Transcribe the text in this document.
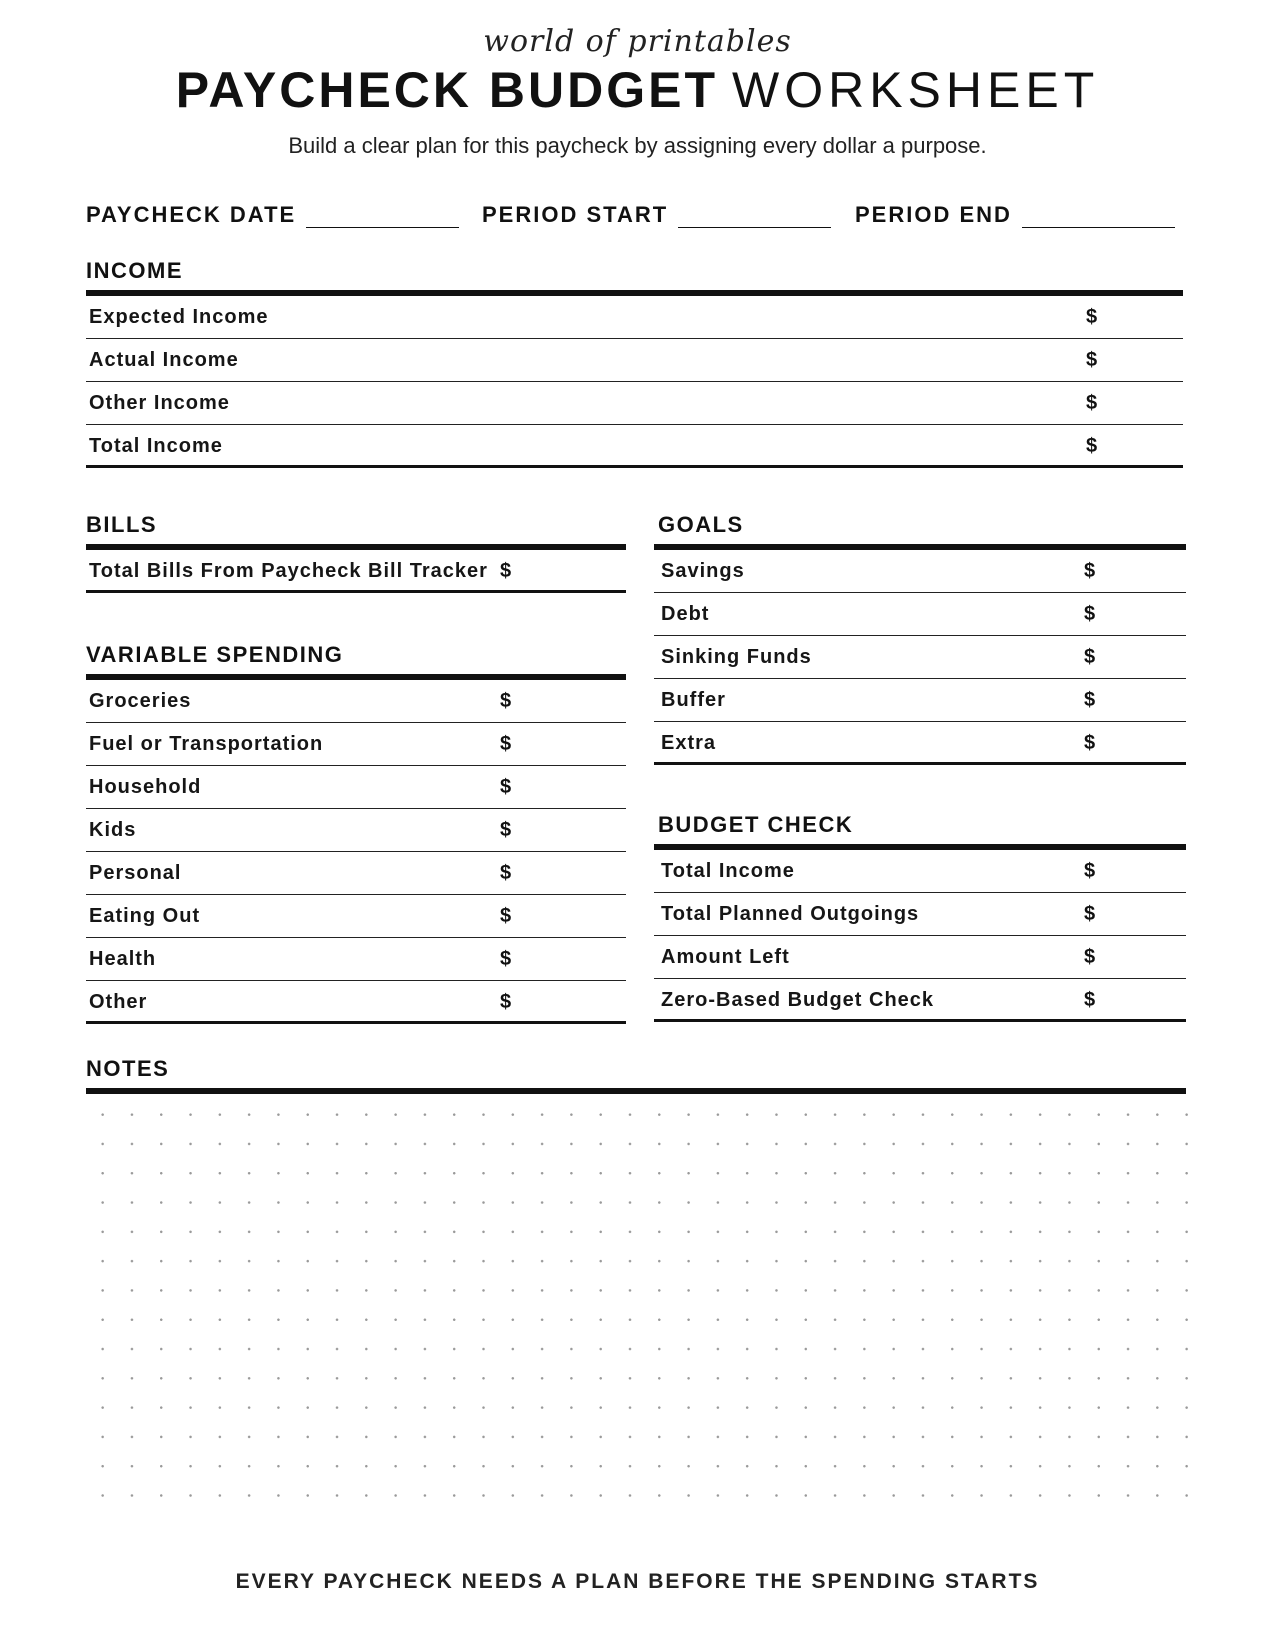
world of printables
PAYCHECK BUDGET WORKSHEET
Build a clear plan for this paycheck by assigning every dollar a purpose.
PAYCHECK DATE	PERIOD START	PERIOD END
INCOME
Expected Income	$
Actual Income	$
Other Income	$
Total Income	$
BILLS
Total Bills From Paycheck Bill Tracker $
VARIABLE SPENDING
Groceries	$
Fuel or Transportation	$
Household	$
Kids	$
Personal	$
Eating Out	$
Health	$
Other	$
GOALS
Savings	$
Debt	$
Sinking Funds	$
Buffer	$
Extra	$
BUDGET CHECK
Total Income	$
Total Planned Outgoings	$
Amount Left	$
Zero-Based Budget Check	$
NOTES
EVERY PAYCHECK NEEDS A PLAN BEFORE THE SPENDING STARTS
